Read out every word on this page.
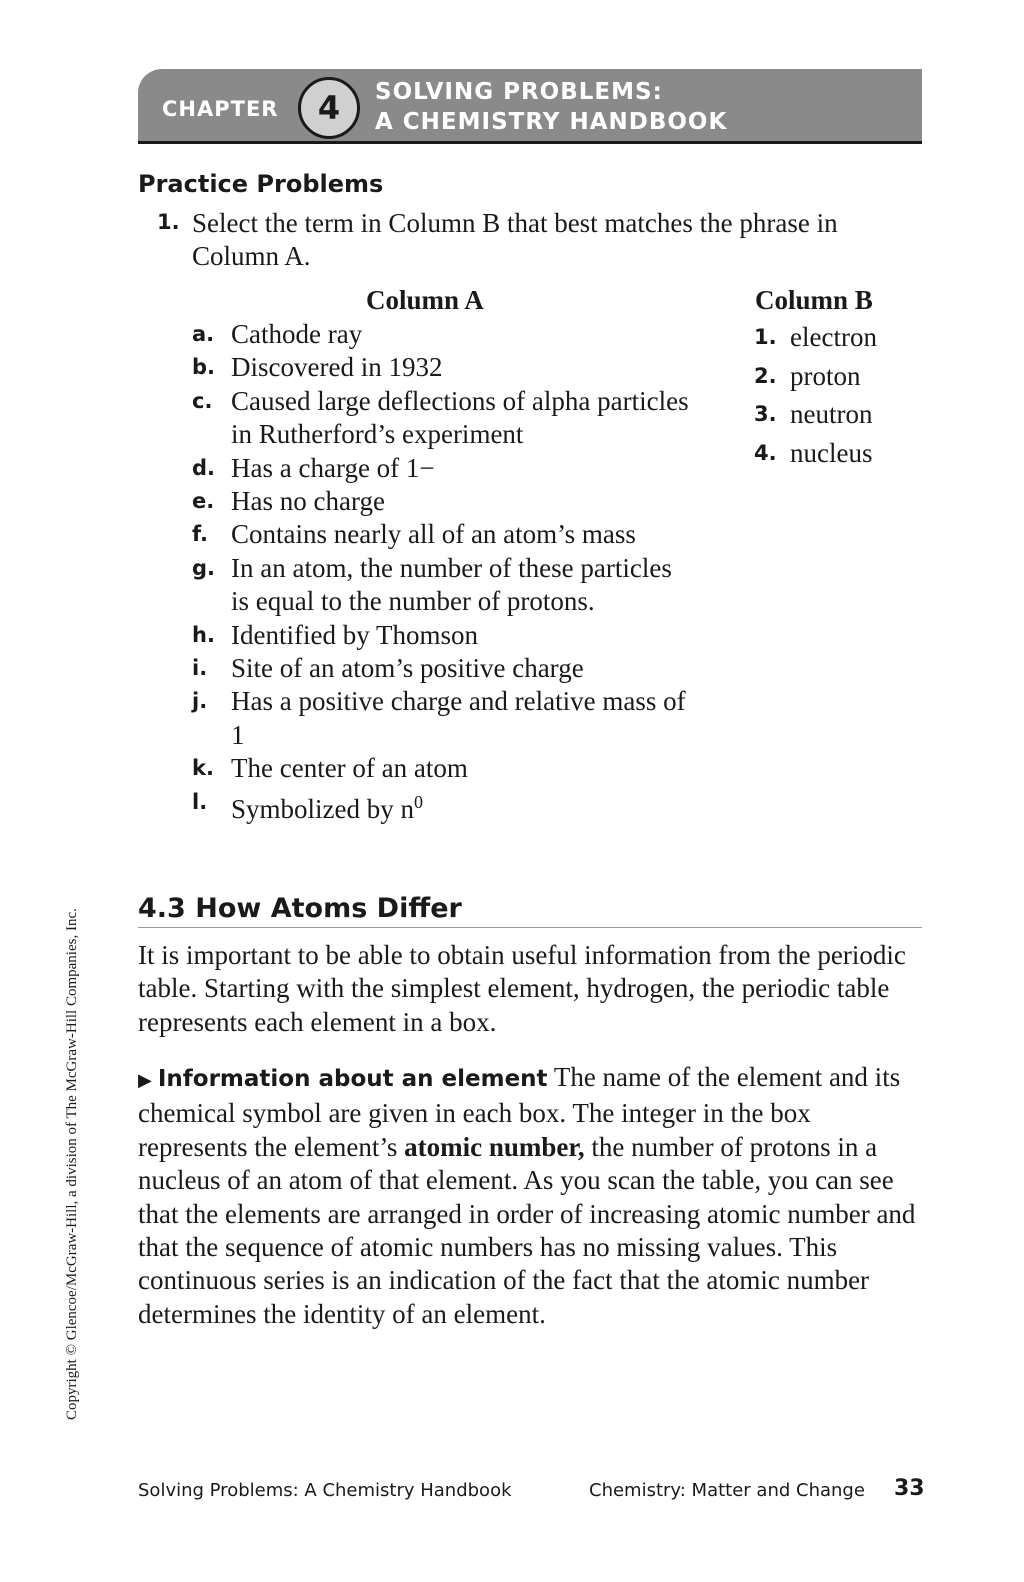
CHAPTER	4	SOLVING PROBLEMS:
A CHEMISTRY HANDBOOK
Practice Problems
1. Select the term in Column B that best matches the phrase in Column A.
Column A	Column B
a. Cathode ray
b. Discovered in 1932
c. Caused large deflections of alpha particles in Rutherford’s experiment
d. Has a charge of 1−
e. Has no charge
f. Contains nearly all of an atom’s mass
g. In an atom, the number of these particles is equal to the number of protons.
h. Identified by Thomson
i. Site of an atom’s positive charge
j. Has a positive charge and relative mass of 1
k. The center of an atom
l. Symbolized by $n^0$
1. electron
2. proton
3. neutron
4. nucleus
4.3 How Atoms Differ

It is important to be able to obtain useful information from the periodic table. Starting with the simplest element, hydrogen, the periodic table represents each element in a box.

▶ Information about an element The name of the element and its chemical symbol are given in each box. The integer in the box represents the element’s atomic number, the number of protons in a nucleus of an atom of that element. As you scan the table, you can see that the elements are arranged in order of increasing atomic number and that the sequence of atomic numbers has no missing values. This continuous series is an indication of the fact that the atomic number determines the identity of an element.

Copyright © Glencoe/McGraw-Hill, a division of The McGraw-Hill Companies, Inc.
Solving Problems: A Chemistry Handbook	Chemistry: Matter and Change 33
